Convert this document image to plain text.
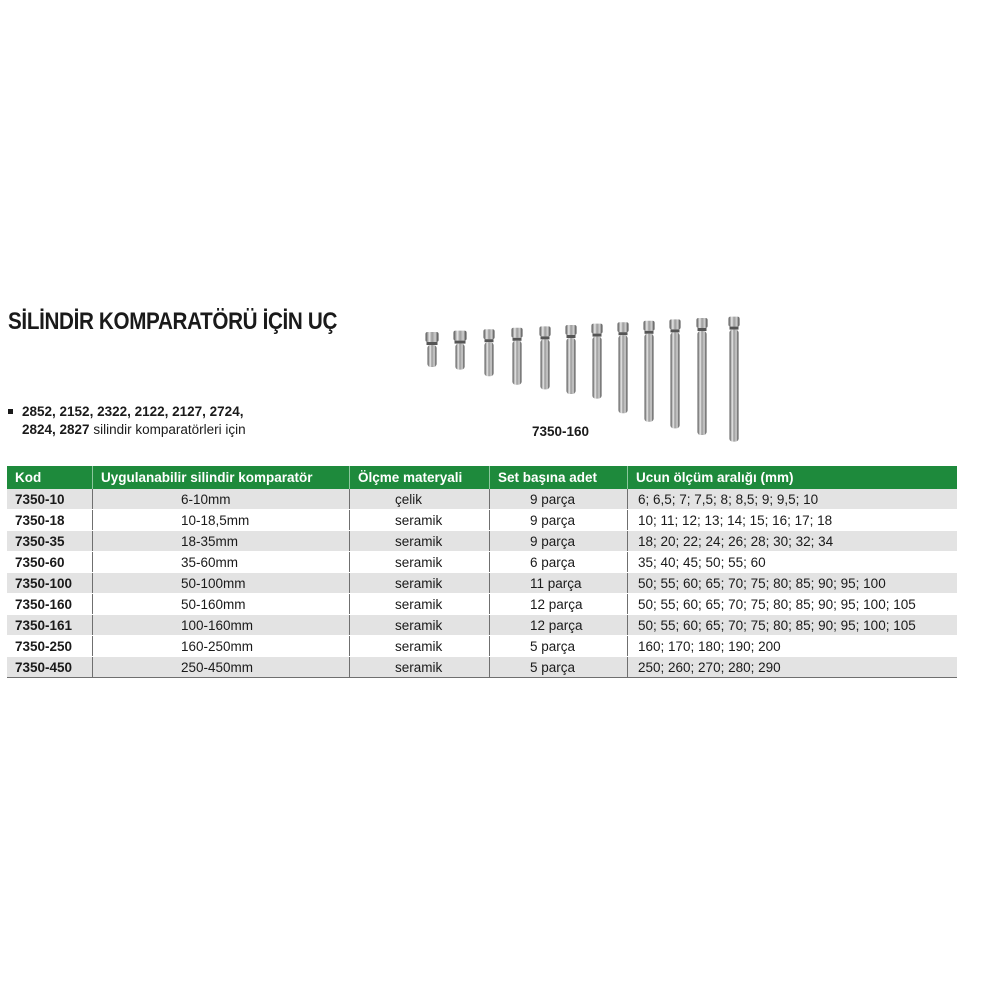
SİLİNDİR KOMPARATÖRÜ İÇİN UÇ
2852, 2152, 2322, 2122, 2127, 2724,
2824, 2827 silindir komparatörleri için	7350-160
Kod	Uygulanabilir silindir komparatör	Ölçme materyali	Set başına adet	Ucun ölçüm aralığı (mm)
7350-10	6-10mm	çelik	9 parça	6; 6,5; 7; 7,5; 8; 8,5; 9; 9,5; 10
7350-18	10-18,5mm	seramik	9 parça	10; 11; 12; 13; 14; 15; 16; 17; 18
7350-35	18-35mm	seramik	9 parça	18; 20; 22; 24; 26; 28; 30; 32; 34
7350-60	35-60mm	seramik	6 parça	35; 40; 45; 50; 55; 60
7350-100	50-100mm	seramik	11 parça	50; 55; 60; 65; 70; 75; 80; 85; 90; 95; 100
7350-160	50-160mm	seramik	12 parça	50; 55; 60; 65; 70; 75; 80; 85; 90; 95; 100; 105
7350-161	100-160mm	seramik	12 parça	50; 55; 60; 65; 70; 75; 80; 85; 90; 95; 100; 105
7350-250	160-250mm	seramik	5 parça	160; 170; 180; 190; 200
7350-450	250-450mm	seramik	5 parça	250; 260; 270; 280; 290
